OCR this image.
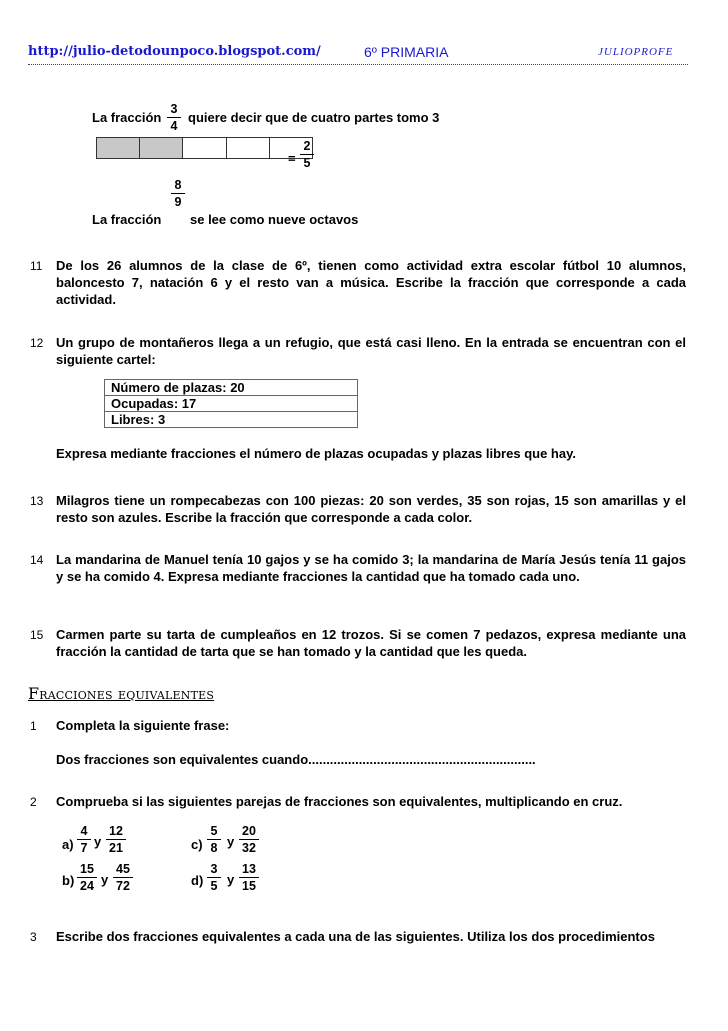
http://julio-detodounpoco.blogspot.com/	6º PRIMARIA	JULIOPROFE
La fracción $\frac{3}{4}$ quiere decir que de cuatro partes tomo 3
= $\frac{2}{5}$
$\frac{8}{9}$
La fracción se lee como nueve octavos
11 De los 26 alumnos de la clase de 6º, tienen como actividad extra escolar fútbol 10 alumnos, baloncesto 7, natación 6 y el resto van a música. Escribe la fracción que corresponde a cada actividad.
12 Un grupo de montañeros llega a un refugio, que está casi lleno. En la entrada se encuentran con el siguiente cartel:
Número de plazas: 20
Ocupadas: 17
Libres: 3
Expresa mediante fracciones el número de plazas ocupadas y plazas libres que hay.
13 Milagros tiene un rompecabezas con 100 piezas: 20 son verdes, 35 son rojas, 15 son amarillas y el resto son azules. Escribe la fracción que corresponde a cada color.
14 La mandarina de Manuel tenía 10 gajos y se ha comido 3; la mandarina de María Jesús tenía 11 gajos y se ha comido 4. Expresa mediante fracciones la cantidad que ha tomado cada uno.
15 Carmen parte su tarta de cumpleaños en 12 trozos. Si se comen 7 pedazos, expresa mediante una fracción la cantidad de tarta que se han tomado y la cantidad que les queda.
Fracciones equivalentes
1 Completa la siguiente frase:
Dos fracciones son equivalentes cuando...............................................................
2 Comprueba si las siguientes parejas de fracciones son equivalentes, multiplicando en cruz.
$a) \frac{4}{7}$ y $\frac{12}{21}$
$b) \frac{15}{24}$ y $\frac{45}{72}$
$c) \frac{5}{8}$ y $\frac{20}{32}$
$d) \frac{3}{5}$ y $\frac{13}{15}$
3 Escribe dos fracciones equivalentes a cada una de las siguientes. Utiliza los dos procedimientos
